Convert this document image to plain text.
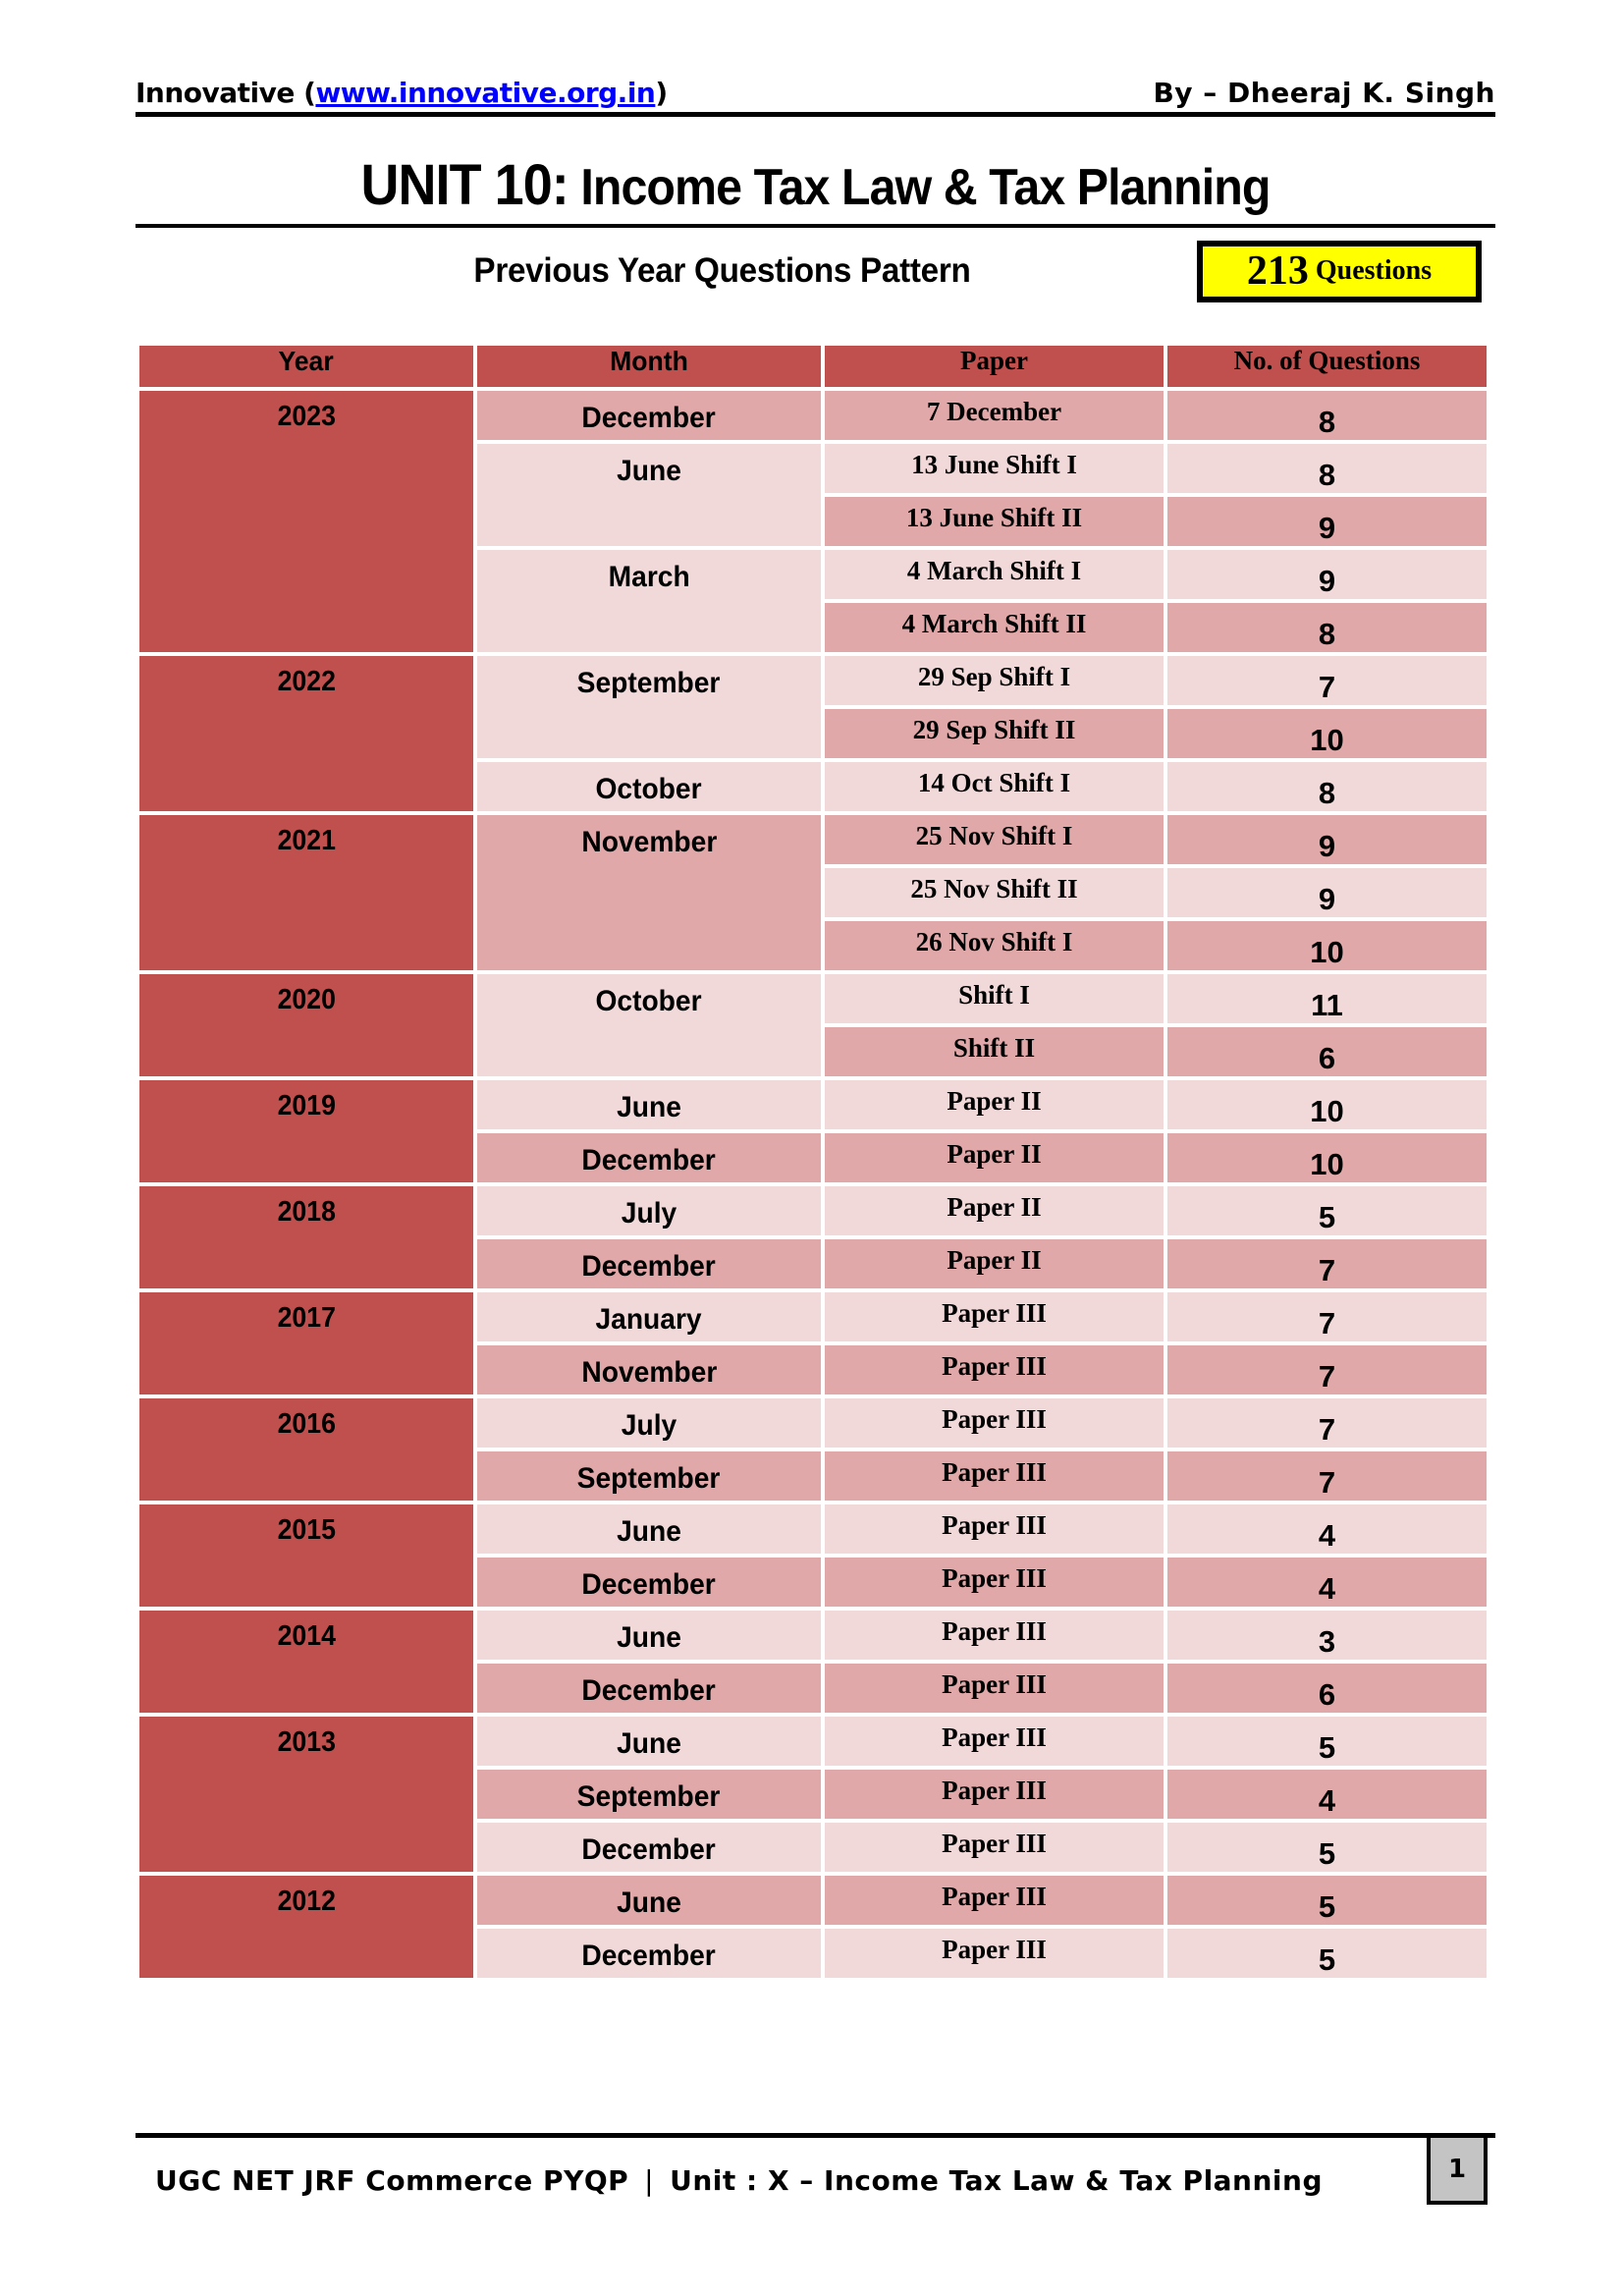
Innovative (www.innovative.org.in)	By – Dheeraj K. Singh
UNIT 10: Income Tax Law & Tax Planning
Previous Year Questions Pattern	213 Questions
Year	Month	Paper	No. of Questions
2023	December	7 December	8
	June	13 June Shift I	8
		13 June Shift II	9
	March	4 March Shift I	9
		4 March Shift II	8
2022	September	29 Sep Shift I	7
		29 Sep Shift II	10
	October	14 Oct Shift I	8
2021	November	25 Nov Shift I	9
		25 Nov Shift II	9
		26 Nov Shift I	10
2020	October	Shift I	11
		Shift II	6
2019	June	Paper II	10
	December	Paper II	10
2018	July	Paper II	5
	December	Paper II	7
2017	January	Paper III	7
	November	Paper III	7
2016	July	Paper III	7
	September	Paper III	7
2015	June	Paper III	4
	December	Paper III	4
2014	June	Paper III	3
	December	Paper III	6
2013	June	Paper III	5
	September	Paper III	4
	December	Paper III	5
2012	June	Paper III	5
	December	Paper III	5
UGC NET JRF Commerce PYQP | Unit : X – Income Tax Law & Tax Planning	1
